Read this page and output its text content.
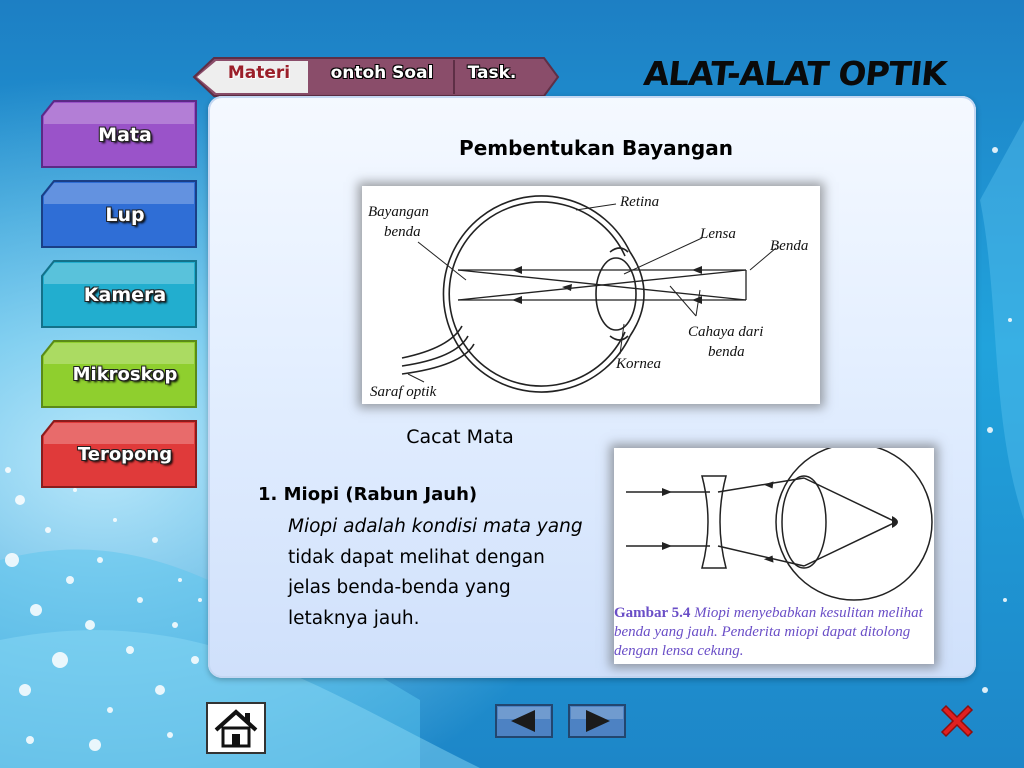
Materi	ontoh Soal	Task.	ALAT-ALAT OPTIK
Mata
Lup
Kamera
Mikroskop
Teropong
Pembentukan Bayangan
Bayangan
benda
Retina
Lensa
Benda
Cahaya dari
benda
Kornea
Saraf optik
Cacat Mata
1. Miopi (Rabun Jauh)
Miopi adalah kondisi mata yang tidak dapat melihat dengan jelas benda-benda yang letaknya jauh.	Gambar 5.4 Miopi menyebabkan kesulitan melihat benda yang jauh. Penderita miopi dapat ditolong dengan lensa cekung.
